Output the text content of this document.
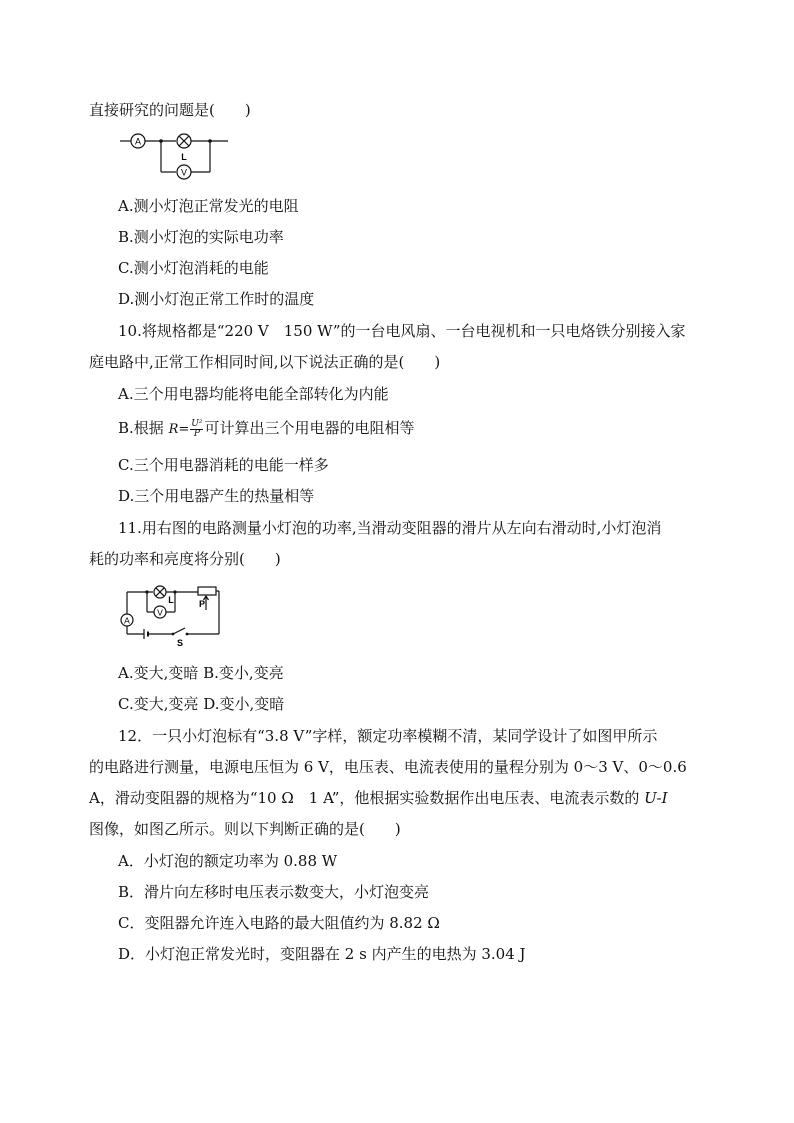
直接研究的问题是(　　)
A
L
V
A.测小灯泡正常发光的电阻
B.测小灯泡的实际电功率
C.测小灯泡消耗的电能
D.测小灯泡正常工作时的温度
10.将规格都是“220 V　150 W”的一台电风扇、一台电视机和一只电烙铁分别接入家
庭电路中,正常工作相同时间,以下说法正确的是(　　)
A.三个用电器均能将电能全部转化为内能
B.根据 $R= \frac{\text{U²}}{P}$ 可计算出三个用电器的电阻相等
C.三个用电器消耗的电能一样多
D.三个用电器产生的热量相等
11.用右图的电路测量小灯泡的功率,当滑动变阻器的滑片从左向右滑动时,小灯泡消
耗的功率和亮度将分别(　　)
L
V
A
P
S
A.变大,变暗 B.变小,变亮
C.变大,变亮 D.变小,变暗
12．一只小灯泡标有“3.8 V”字样，额定功率模糊不清，某同学设计了如图甲所示
的电路进行测量，电源电压恒为 6 V，电压表、电流表使用的量程分别为 0～3 V、0～0.6
A，滑动变阻器的规格为“10 Ω　1 A”，他根据实验数据作出电压表、电流表示数的 U-I
图像，如图乙所示。则以下判断正确的是(　　)
A．小灯泡的额定功率为 0.88 W
B．滑片向左移时电压表示数变大，小灯泡变亮
C．变阻器允许连入电路的最大阻值约为 8.82 Ω
D．小灯泡正常发光时，变阻器在 2 s 内产生的电热为 3.04 J
